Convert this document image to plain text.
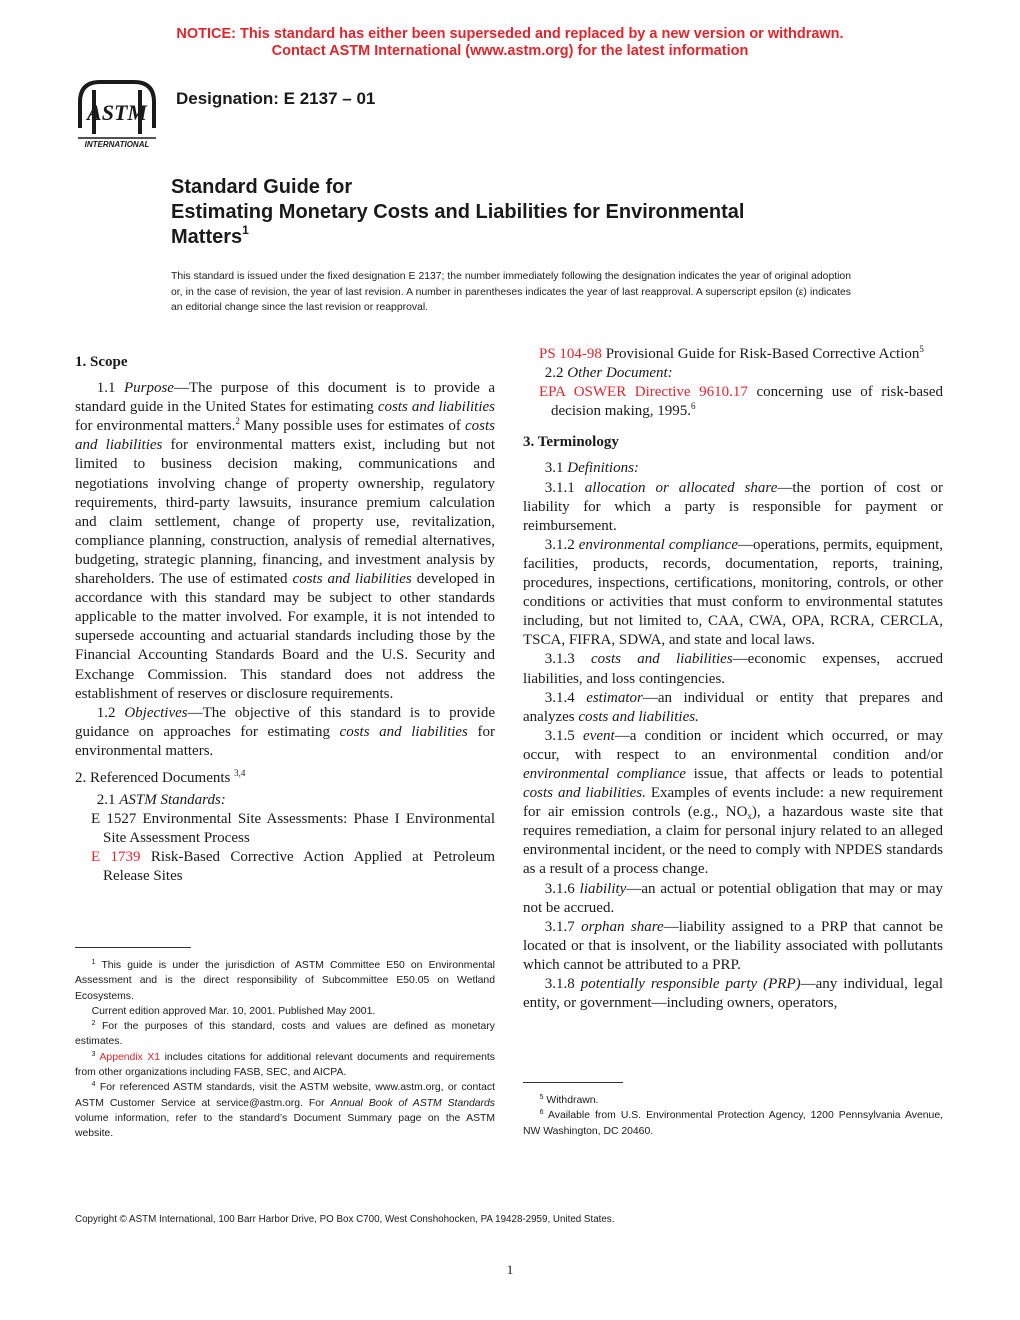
NOTICE: This standard has either been superseded and replaced by a new version or withdrawn.
Contact ASTM International (www.astm.org) for the latest information
ASTM
INTERNATIONAL
Designation: E 2137 – 01
Standard Guide for
Estimating Monetary Costs and Liabilities for Environmental
Matters$^1$
This standard is issued under the fixed designation E 2137; the number immediately following the designation indicates the year of original adoption or, in the case of revision, the year of last revision. A number in parentheses indicates the year of last reapproval. A superscript epsilon (ε) indicates an editorial change since the last revision or reapproval.

1. Scope

1.1 Purpose—The purpose of this document is to provide a standard guide in the United States for estimating costs and liabilities for environmental matters.$^2$ Many possible uses for estimates of costs and liabilities for environmental matters exist, including but not limited to business decision making, communications and negotiations involving change of property ownership, regulatory requirements, third-party lawsuits, insurance premium calculation and claim settlement, change of property use, revitalization, compliance planning, construction, analysis of remedial alternatives, budgeting, strategic planning, financing, and investment analysis by shareholders. The use of estimated costs and liabilities developed in accordance with this standard may be subject to other standards applicable to the matter involved. For example, it is not intended to supersede accounting and actuarial standards including those by the Financial Accounting Standards Board and the U.S. Security and Exchange Commission. This standard does not address the establishment of reserves or disclosure requirements.

1.2 Objectives—The objective of this standard is to provide guidance on approaches for estimating costs and liabilities for environmental matters.

2. Referenced Documents $^{3,4}$

2.1 ASTM Standards:

E 1527 Environmental Site Assessments: Phase I Environmental Site Assessment Process

E 1739 Risk-Based Corrective Action Applied at Petroleum Release Sites

PS 104-98 Provisional Guide for Risk-Based Corrective Action$^5$

2.2 Other Document:

EPA OSWER Directive 9610.17 concerning use of risk-based decision making, 1995.$^6$

3. Terminology

3.1 Definitions:

3.1.1 allocation or allocated share—the portion of cost or liability for which a party is responsible for payment or reimbursement.

3.1.2 environmental compliance—operations, permits, equipment, facilities, products, records, documentation, reports, training, procedures, inspections, certifications, monitoring, controls, or other conditions or activities that must conform to environmental statutes including, but not limited to, CAA, CWA, OPA, RCRA, CERCLA, TSCA, FIFRA, SDWA, and state and local laws.

3.1.3 costs and liabilities—economic expenses, accrued liabilities, and loss contingencies.

3.1.4 estimator—an individual or entity that prepares and analyzes costs and liabilities.

3.1.5 event—a condition or incident which occurred, or may occur, with respect to an environmental condition and/or environmental compliance issue, that affects or leads to potential costs and liabilities. Examples of events include: a new requirement for air emission controls (e.g., $NO_x$), a hazardous waste site that requires remediation, a claim for personal injury related to an alleged environmental incident, or the need to comply with NPDES standards as a result of a process change.

3.1.6 liability—an actual or potential obligation that may or may not be accrued.

3.1.7 orphan share—liability assigned to a PRP that cannot be located or that is insolvent, or the liability associated with pollutants which cannot be attributed to a PRP.

3.1.8 potentially responsible party (PRP)—any individual, legal entity, or government—including owners, operators,

$^1$ This guide is under the jurisdiction of ASTM Committee E50 on Environmental Assessment and is the direct responsibility of Subcommittee E50.05 on Wetland Ecosystems.

Current edition approved Mar. 10, 2001. Published May 2001.

$^2$ For the purposes of this standard, costs and values are defined as monetary estimates.

$^3$ Appendix X1 includes citations for additional relevant documents and requirements from other organizations including FASB, SEC, and AICPA.

$^4$ For referenced ASTM standards, visit the ASTM website, www.astm.org, or contact ASTM Customer Service at service@astm.org. For Annual Book of ASTM Standards volume information, refer to the standard’s Document Summary page on the ASTM website.

$^5$ Withdrawn.

$^6$ Available from U.S. Environmental Protection Agency, 1200 Pennsylvania Avenue, NW Washington, DC 20460.

Copyright © ASTM International, 100 Barr Harbor Drive, PO Box C700, West Conshohocken, PA 19428-2959, United States.
1
